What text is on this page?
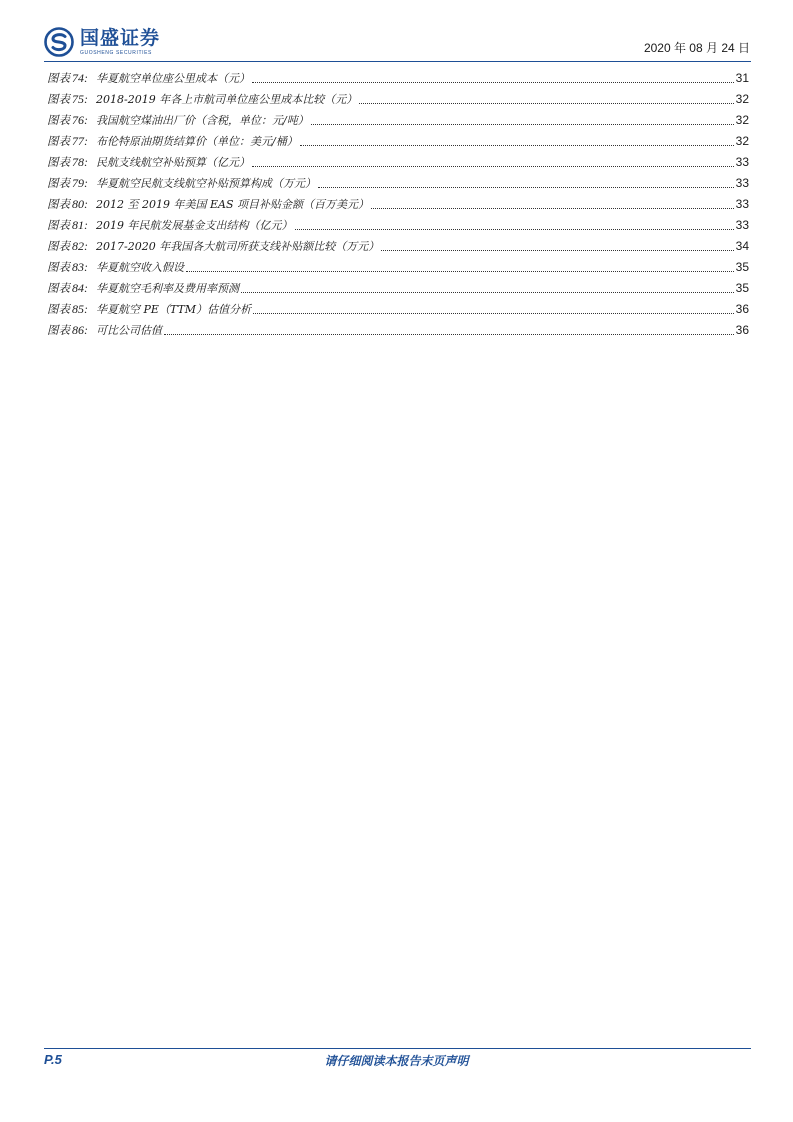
国盛证券
GUOSHENG SECURITIES	2020 年 08 月 24 日
图表 74: 华夏航空单位座公里成本（元）	31
图表 75: 2018-2019 年各上市航司单位座公里成本比较（元）	32
图表 76: 我国航空煤油出厂价（含税，单位：元/吨）	32
图表 77: 布伦特原油期货结算价（单位：美元/桶）	32
图表 78: 民航支线航空补贴预算（亿元）	33
图表 79: 华夏航空民航支线航空补贴预算构成（万元）	33
图表 80: 2012 至 2019 年美国 EAS 项目补贴金额（百万美元）	33
图表 81: 2019 年民航发展基金支出结构（亿元）	33
图表 82: 2017-2020 年我国各大航司所获支线补贴额比较（万元）	34
图表 83: 华夏航空收入假设	35
图表 84: 华夏航空毛利率及费用率预测	35
图表 85: 华夏航空 PE（TTM）估值分析	36
图表 86: 可比公司估值	36
P.5	请仔细阅读本报告末页声明
